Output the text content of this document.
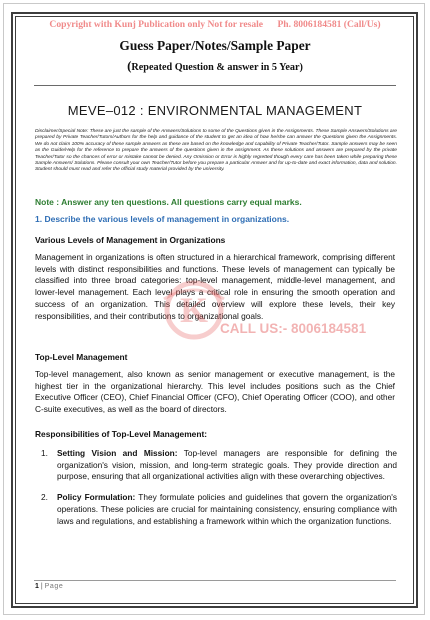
Copyright with Kunj Publication only Not for resale      Ph. 8006184581 (Call/Us)
Guess Paper/Notes/Sample Paper
(Repeated Question & answer in 5 Year)
MEVE–012 : ENVIRONMENTAL MANAGEMENT
Disclaimer/Special Note: These are just the sample of the Answers/Solutions to some of the Questions given in the Assignments. These Sample Answers/Solutions are prepared by Private Teacher/Tutors/Authors for the help and guidance of the student to get an idea of how he/she can answer the Questions given the Assignments. We do not claim 100% accuracy of these sample answers as these are based on the knowledge and capability of Private Teacher/Tutor. Sample answers may be seen as the Guide/Help for the reference to prepare the answers of the questions given in the assignment. As these solutions and answers are prepared by the private Teacher/Tutor so the chances of error or mistake cannot be denied. Any Omission or Error is highly regretted though every care has been taken while preparing these Sample Answers/ Solutions. Please consult your own Teacher/Tutor before you prepare a particular Answer and for up-to-date and exact information, data and solution. Student should must read and refer the official study material provided by the university.
Note : Answer any ten questions. All questions carry equal marks.
1. Describe the various levels of management in organizations.
Various Levels of Management in Organizations
Management in organizations is often structured in a hierarchical framework, comprising different levels with distinct responsibilities and functions. These levels of management can typically be classified into three broad categories: top-level management, middle-level management, and lower-level management. Each level plays a critical role in ensuring the smooth operation and success of an organization. This detailed overview will explore these levels, their key responsibilities, and their contributions to organizational goals.
Top-Level Management
Top-level management, also known as senior management or executive management, is the highest tier in the organizational hierarchy. This level includes positions such as the Chief Executive Officer (CEO), Chief Financial Officer (CFO), Chief Operating Officer (COO), and other C-suite executives, as well as the board of directors.
Responsibilities of Top-Level Management:
1. Setting Vision and Mission: Top-level managers are responsible for defining the organization's vision, mission, and long-term strategic goals. They provide direction and purpose, ensuring that all organizational activities align with these overarching objectives.
2. Policy Formulation: They formulate policies and guidelines that govern the organization's operations. These policies are crucial for maintaining consistency, ensuring compliance with laws and regulations, and establishing a framework within which the organization functions.
1 | Page
K CALL US:- 8006184581
